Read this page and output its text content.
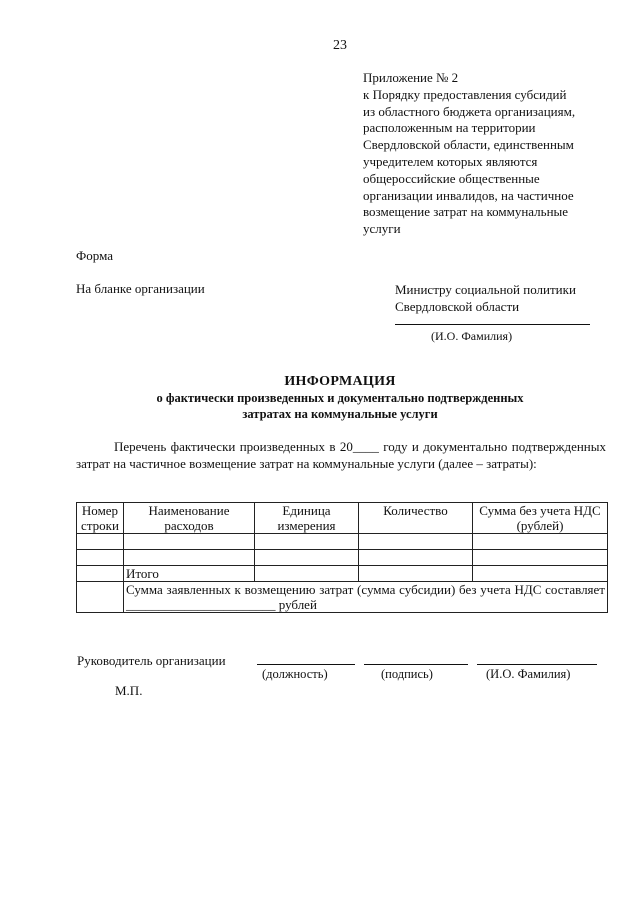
23
Приложение № 2
к Порядку предоставления субсидий
из областного бюджета организациям,
расположенным на территории
Свердловской области, единственным
учредителем которых являются
общероссийские общественные
организации инвалидов, на частичное
возмещение затрат на коммунальные
услуги
Форма
На бланке организации	Министру социальной политики
Свердловской области
(И.О. Фамилия)
ИНФОРМАЦИЯ
о фактически произведенных и документально подтвержденных
затратах на коммунальные услуги
Перечень фактически произведенных в 20____ году и документально подтвержденных затрат на частичное возмещение затрат на коммунальные услуги (далее – затраты):
Номер строки	Наименование расходов	Единица измерения	Количество	Сумма без учета НДС (рублей)

	Итого			
	Сумма заявленных к возмещению затрат (сумма субсидии) без учета НДС составляет _______________________ рублей			
Руководитель организации
(должность)	(подпись)	(И.О. Фамилия)
М.П.
